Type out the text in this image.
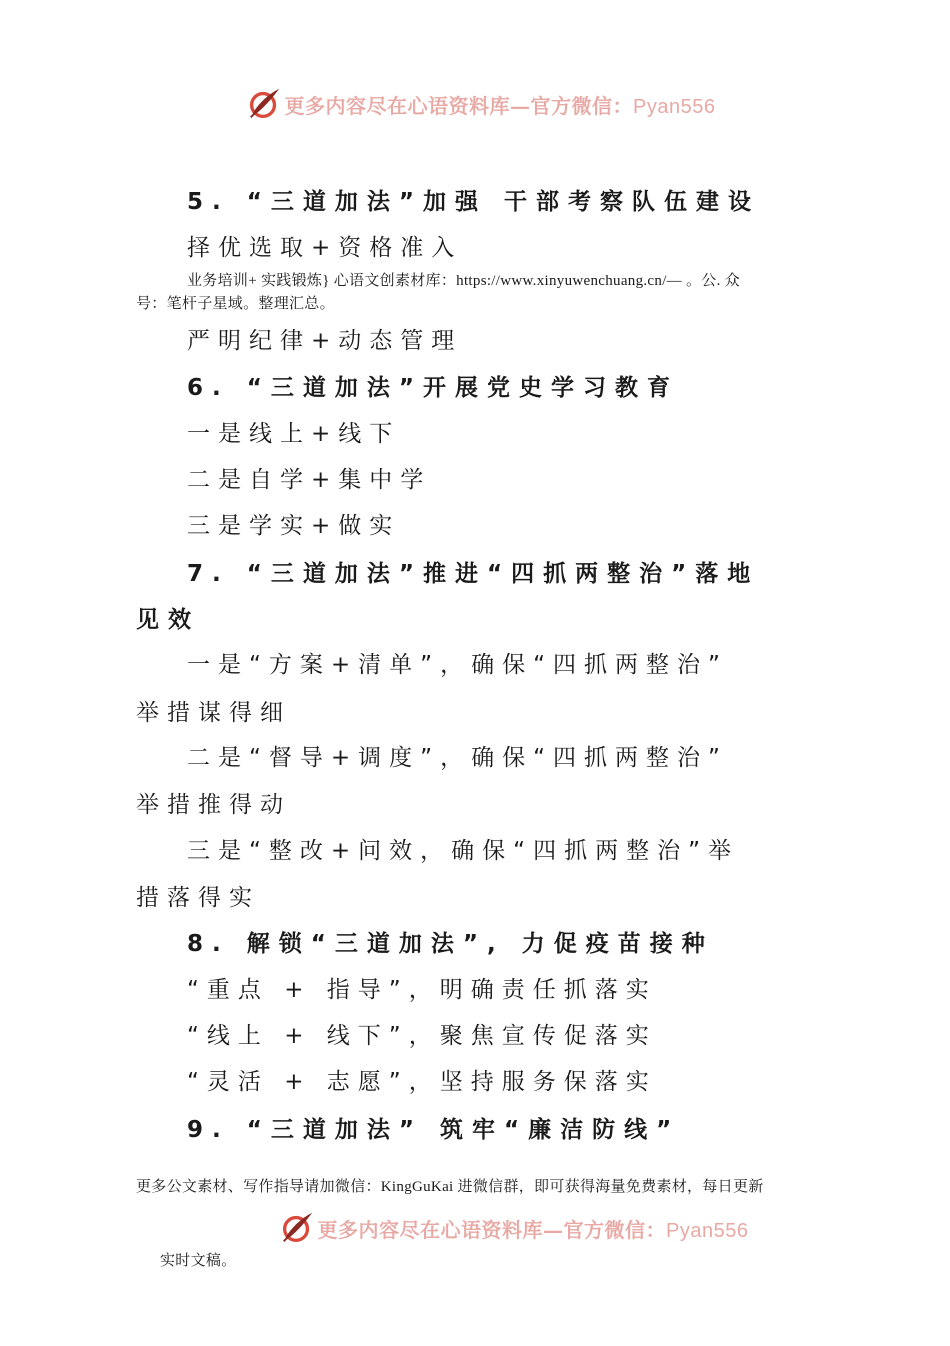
更多内容尽在心语资料库—官方微信：Pyan556
5. “三道加法”加强 干部考察队伍建设
择优选取+资格准入
业务培训+ 实践锻炼} 心语文创素材库：https://www.xinyuwenchuang.cn/— 。公. 众
号：笔杆子星域。整理汇总。
严明纪律+动态管理
6. “三道加法”开展党史学习教育
一是线上+线下
二是自学+集中学
三是学实+做实
7. “三道加法”推进“四抓两整治”落地
见效
一是“方案+清单”，确保“四抓两整治”
举措谋得细
二是“督导+调度”，确保“四抓两整治”
举措推得动
三是“整改+问效，确保“四抓两整治”举
措落得实
8. 解锁“三道加法”, 力促疫苗接种
“重点 + 指导”，明确责任抓落实
“线上 + 线下”，聚焦宣传促落实
“灵活 + 志愿”，坚持服务保落实
9. “三道加法” 筑牢“廉洁防线”
更多公文素材、写作指导请加微信：KingGuKai 进微信群，即可获得海量免费素材，每日更新
更多内容尽在心语资料库—官方微信：Pyan556
实时文稿。
